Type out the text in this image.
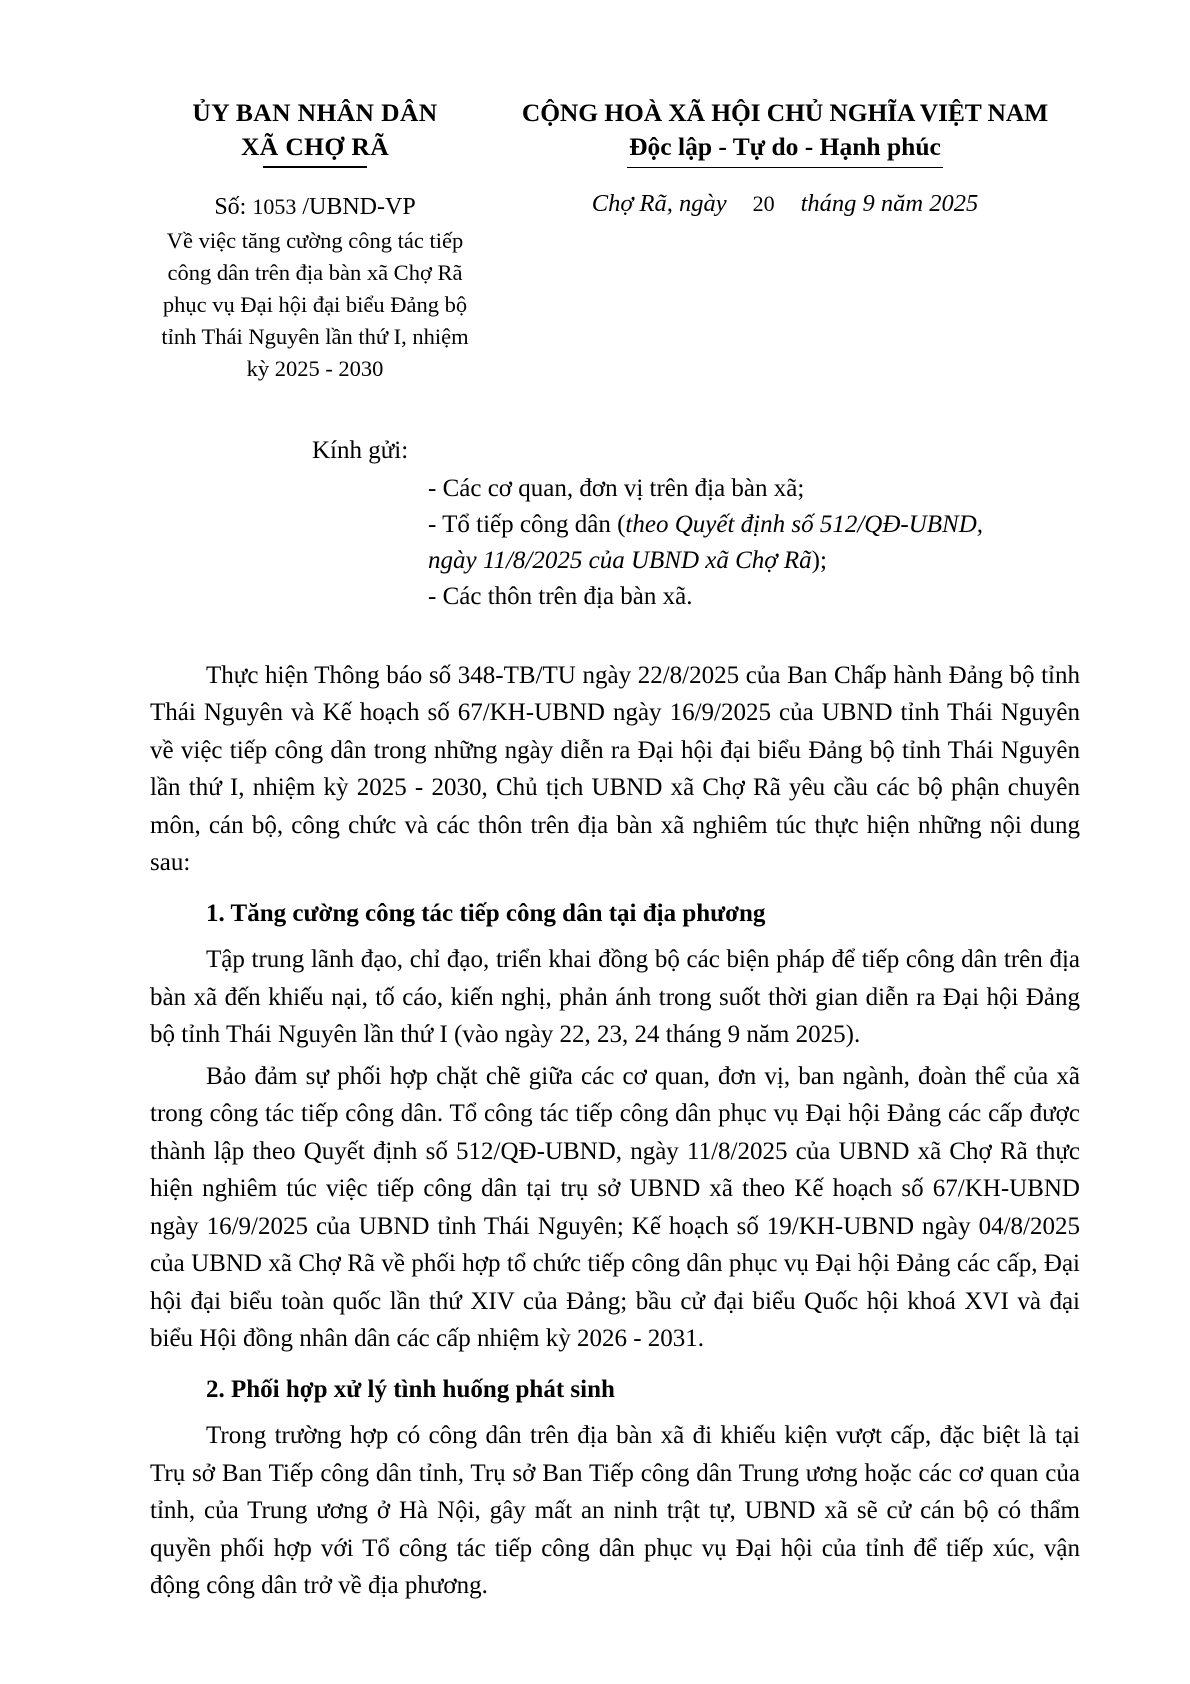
ỦY BAN NHÂN DÂN
XÃ CHỢ RÃ
CỘNG HOÀ XÃ HỘI CHỦ NGHĨA VIỆT NAM
Độc lập - Tự do - Hạnh phúc
Số: 1053 /UBND-VP
Về việc tăng cường công tác tiếp công dân trên địa bàn xã Chợ Rã phục vụ Đại hội đại biểu Đảng bộ tỉnh Thái Nguyên lần thứ I, nhiệm kỳ 2025 - 2030
Chợ Rã, ngày 20 tháng 9 năm 2025
Kính gửi:
- Các cơ quan, đơn vị trên địa bàn xã;
- Tổ tiếp công dân (theo Quyết định số 512/QĐ-UBND,
ngày 11/8/2025 của UBND xã Chợ Rã);
- Các thôn trên địa bàn xã.

Thực hiện Thông báo số 348-TB/TU ngày 22/8/2025 của Ban Chấp hành Đảng bộ tỉnh Thái Nguyên và Kế hoạch số 67/KH-UBND ngày 16/9/2025 của UBND tỉnh Thái Nguyên về việc tiếp công dân trong những ngày diễn ra Đại hội đại biểu Đảng bộ tỉnh Thái Nguyên lần thứ I, nhiệm kỳ 2025 - 2030, Chủ tịch UBND xã Chợ Rã yêu cầu các bộ phận chuyên môn, cán bộ, công chức và các thôn trên địa bàn xã nghiêm túc thực hiện những nội dung sau:

1. Tăng cường công tác tiếp công dân tại địa phương

Tập trung lãnh đạo, chỉ đạo, triển khai đồng bộ các biện pháp để tiếp công dân trên địa bàn xã đến khiếu nại, tố cáo, kiến nghị, phản ánh trong suốt thời gian diễn ra Đại hội Đảng bộ tỉnh Thái Nguyên lần thứ I (vào ngày 22, 23, 24 tháng 9 năm 2025).

Bảo đảm sự phối hợp chặt chẽ giữa các cơ quan, đơn vị, ban ngành, đoàn thể của xã trong công tác tiếp công dân. Tổ công tác tiếp công dân phục vụ Đại hội Đảng các cấp được thành lập theo Quyết định số 512/QĐ-UBND, ngày 11/8/2025 của UBND xã Chợ Rã thực hiện nghiêm túc việc tiếp công dân tại trụ sở UBND xã theo Kế hoạch số 67/KH-UBND ngày 16/9/2025 của UBND tỉnh Thái Nguyên; Kế hoạch số 19/KH-UBND ngày 04/8/2025 của UBND xã Chợ Rã về phối hợp tổ chức tiếp công dân phục vụ Đại hội Đảng các cấp, Đại hội đại biểu toàn quốc lần thứ XIV của Đảng; bầu cử đại biểu Quốc hội khoá XVI và đại biểu Hội đồng nhân dân các cấp nhiệm kỳ 2026 - 2031.

2. Phối hợp xử lý tình huống phát sinh

Trong trường hợp có công dân trên địa bàn xã đi khiếu kiện vượt cấp, đặc biệt là tại Trụ sở Ban Tiếp công dân tỉnh, Trụ sở Ban Tiếp công dân Trung ương hoặc các cơ quan của tỉnh, của Trung ương ở Hà Nội, gây mất an ninh trật tự, UBND xã sẽ cử cán bộ có thẩm quyền phối hợp với Tổ công tác tiếp công dân phục vụ Đại hội của tỉnh để tiếp xúc, vận động công dân trở về địa phương.
